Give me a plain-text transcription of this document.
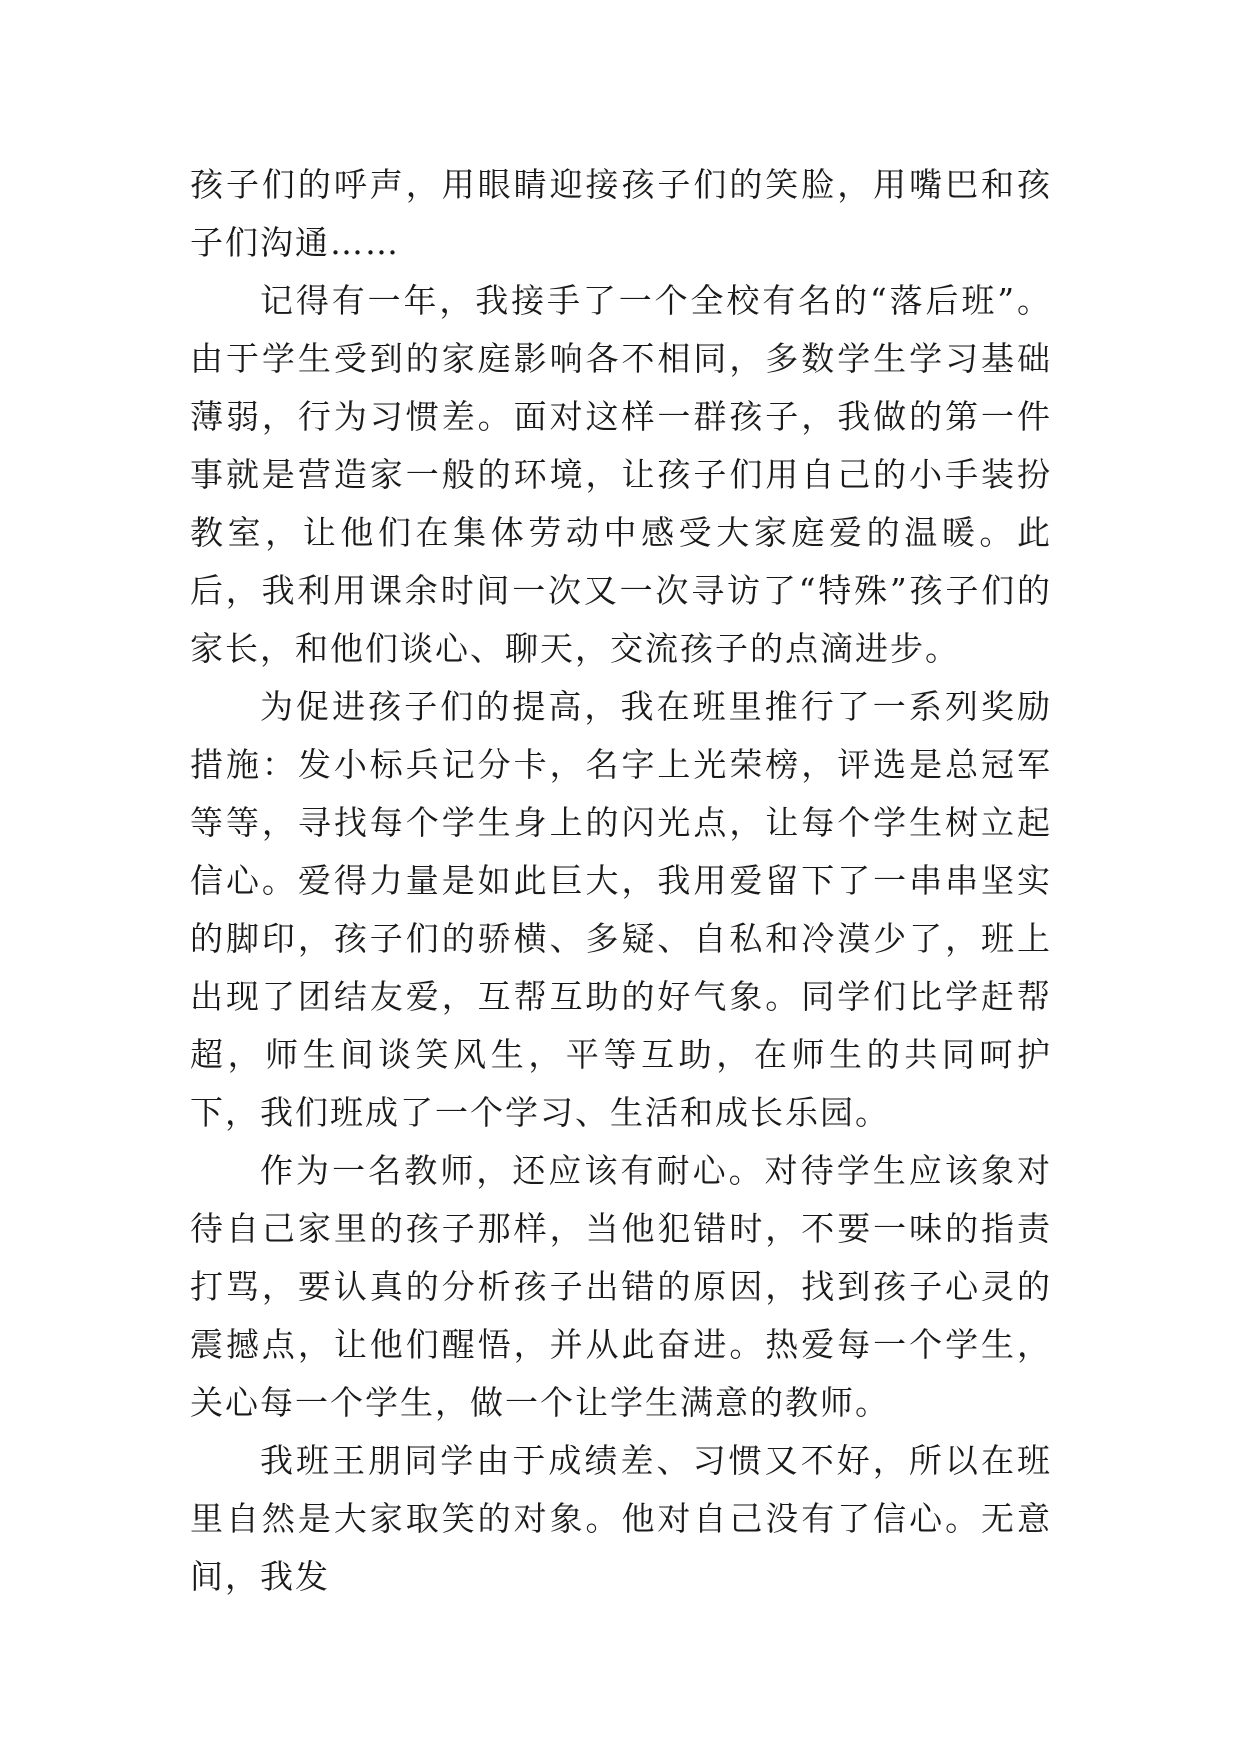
孩子们的呼声，用眼睛迎接孩子们的笑脸，用嘴巴和孩子们沟通……

记得有一年，我接手了一个全校有名的“落后班”。由于学生受到的家庭影响各不相同，多数学生学习基础薄弱，行为习惯差。面对这样一群孩子，我做的第一件事就是营造家一般的环境，让孩子们用自己的小手装扮教室，让他们在集体劳动中感受大家庭爱的温暖。此后，我利用课余时间一次又一次寻访了“特殊”孩子们的家长，和他们谈心、聊天，交流孩子的点滴进步。

为促进孩子们的提高，我在班里推行了一系列奖励措施：发小标兵记分卡，名字上光荣榜，评选是总冠军等等，寻找每个学生身上的闪光点，让每个学生树立起信心。爱得力量是如此巨大，我用爱留下了一串串坚实的脚印，孩子们的骄横、多疑、自私和冷漠少了，班上出现了团结友爱，互帮互助的好气象。同学们比学赶帮超，师生间谈笑风生，平等互助，在师生的共同呵护下，我们班成了一个学习、生活和成长乐园。

作为一名教师，还应该有耐心。对待学生应该象对待自己家里的孩子那样，当他犯错时，不要一味的指责打骂，要认真的分析孩子出错的原因，找到孩子心灵的震撼点，让他们醒悟，并从此奋进。热爱每一个学生，关心每一个学生，做一个让学生满意的教师。

我班王朋同学由于成绩差、习惯又不好，所以在班里自然是大家取笑的对象。他对自己没有了信心。无意间，我发
